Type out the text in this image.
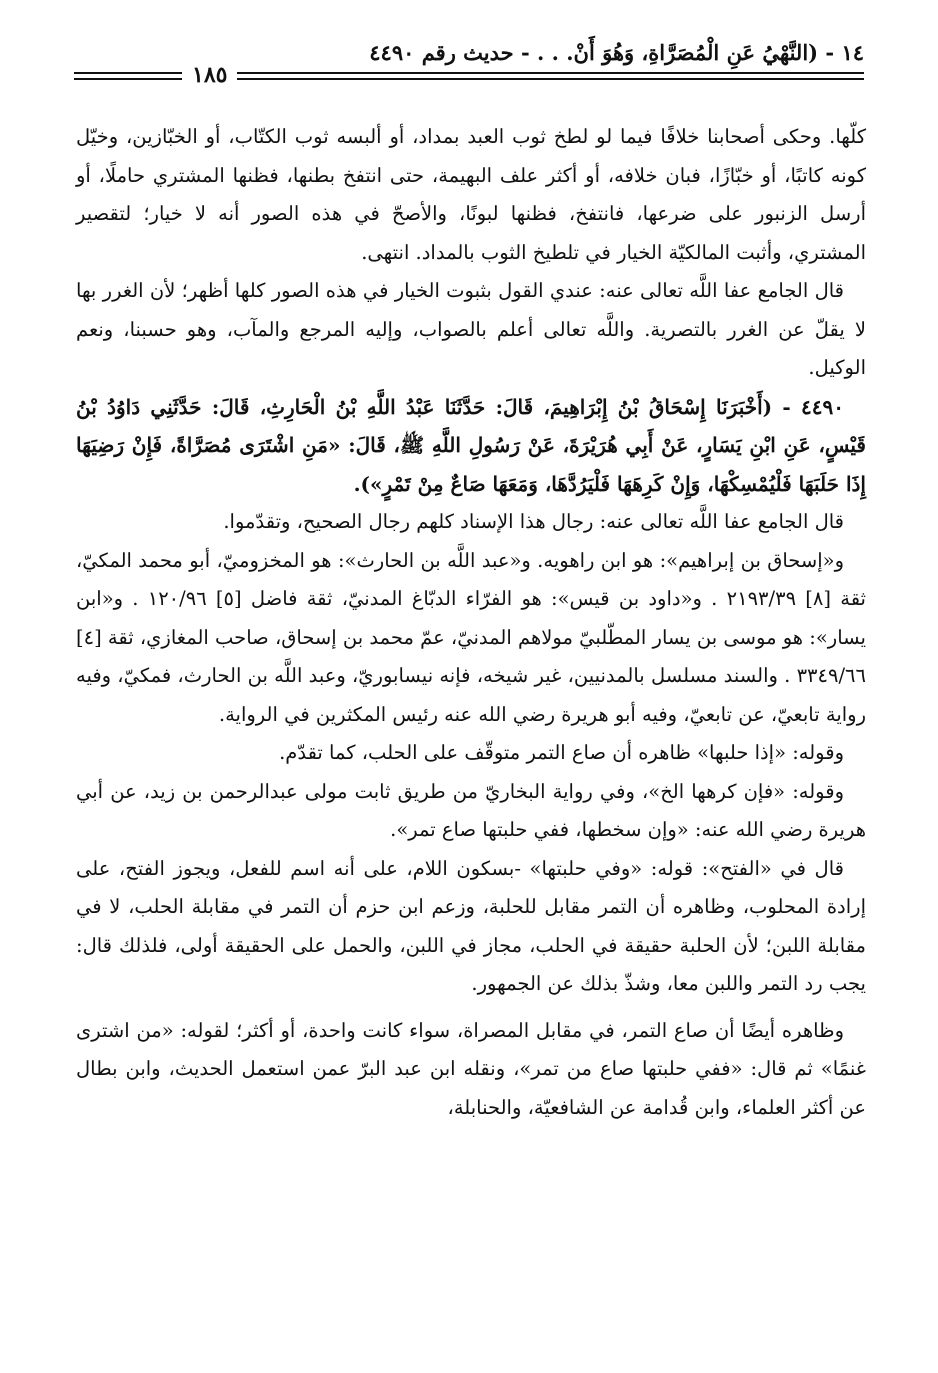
١٤ - (النَّهْيُ عَنِ الْمُصَرَّاةِ، وَهُوَ أَنْ. . . - حديث رقم ٤٤٩٠
١٨٥

كلّها. وحكى أصحابنا خلافًا فيما لو لطخ ثوب العبد بمداد، أو ألبسه ثوب الكتّاب، أو الخبّازين، وخيّل كونه كاتبًا، أو خبّازًا، فبان خلافه، أو أكثر علف البهيمة، حتى انتفخ بطنها، فظنها المشتري حاملًا، أو أرسل الزنبور على ضرعها، فانتفخ، فظنها لبونًا، والأصحّ في هذه الصور أنه لا خيار؛ لتقصير المشتري، وأثبت المالكيّة الخيار في تلطيخ الثوب بالمداد. انتهى.

قال الجامع عفا اللَّه تعالى عنه: عندي القول بثبوت الخيار في هذه الصور كلها أظهر؛ لأن الغرر بها لا يقلّ عن الغرر بالتصرية. واللَّه تعالى أعلم بالصواب، وإليه المرجع والمآب، وهو حسبنا، ونعم الوكيل.

٤٤٩٠ - (أَخْبَرَنَا إِسْحَاقُ بْنُ إِبْرَاهِيمَ، قَالَ: حَدَّثَنَا عَبْدُ اللَّهِ بْنُ الْحَارِثِ، قَالَ: حَدَّثَنِي دَاوُدُ بْنُ قَيْسٍ، عَنِ ابْنِ يَسَارٍ، عَنْ أَبِي هُرَيْرَةَ، عَنْ رَسُولِ اللَّهِ ﷺ، قَالَ: «مَنِ اشْتَرَى مُصَرَّاةً، فَإِنْ رَضِيَهَا إِذَا حَلَبَهَا فَلْيُمْسِكْهَا، وَإِنْ كَرِهَهَا فَلْيَرُدَّهَا، وَمَعَهَا صَاعٌ مِنْ تَمْرٍ»).

قال الجامع عفا اللَّه تعالى عنه: رجال هذا الإسناد كلهم رجال الصحيح، وتقدّموا.

و«إسحاق بن إبراهيم»: هو ابن راهويه. و«عبد اللَّه بن الحارث»: هو المخزوميّ، أبو محمد المكيّ، ثقة [٨] ٢١٩٣/٣٩ . و«داود بن قيس»: هو الفرّاء الدبّاغ المدنيّ، ثقة فاضل [٥] ١٢٠/٩٦ . و«ابن يسار»: هو موسى بن يسار المطّلبيّ مولاهم المدنيّ، عمّ محمد بن إسحاق، صاحب المغازي، ثقة [٤] ٣٣٤٩/٦٦ . والسند مسلسل بالمدنيين، غير شيخه، فإنه نيسابوريّ، وعبد اللَّه بن الحارث، فمكيّ، وفيه رواية تابعيّ، عن تابعيّ، وفيه أبو هريرة رضي الله عنه رئيس المكثرين في الرواية.

وقوله: «إذا حلبها» ظاهره أن صاع التمر متوقّف على الحلب، كما تقدّم.

وقوله: «فإن كرهها الخ»، وفي رواية البخاريّ من طريق ثابت مولى عبدالرحمن بن زيد، عن أبي هريرة رضي الله عنه: «وإن سخطها، ففي حلبتها صاع تمر».

قال في «الفتح»: قوله: «وفي حلبتها» -بسكون اللام، على أنه اسم للفعل، ويجوز الفتح، على إرادة المحلوب، وظاهره أن التمر مقابل للحلبة، وزعم ابن حزم أن التمر في مقابلة الحلب، لا في مقابلة اللبن؛ لأن الحلبة حقيقة في الحلب، مجاز في اللبن، والحمل على الحقيقة أولى، فلذلك قال: يجب رد التمر واللبن معا، وشذّ بذلك عن الجمهور.

وظاهره أيضًا أن صاع التمر، في مقابل المصراة، سواء كانت واحدة، أو أكثر؛ لقوله: «من اشترى غنمًا» ثم قال: «ففي حلبتها صاع من تمر»، ونقله ابن عبد البرّ عمن استعمل الحديث، وابن بطال عن أكثر العلماء، وابن قُدامة عن الشافعيّة، والحنابلة،
